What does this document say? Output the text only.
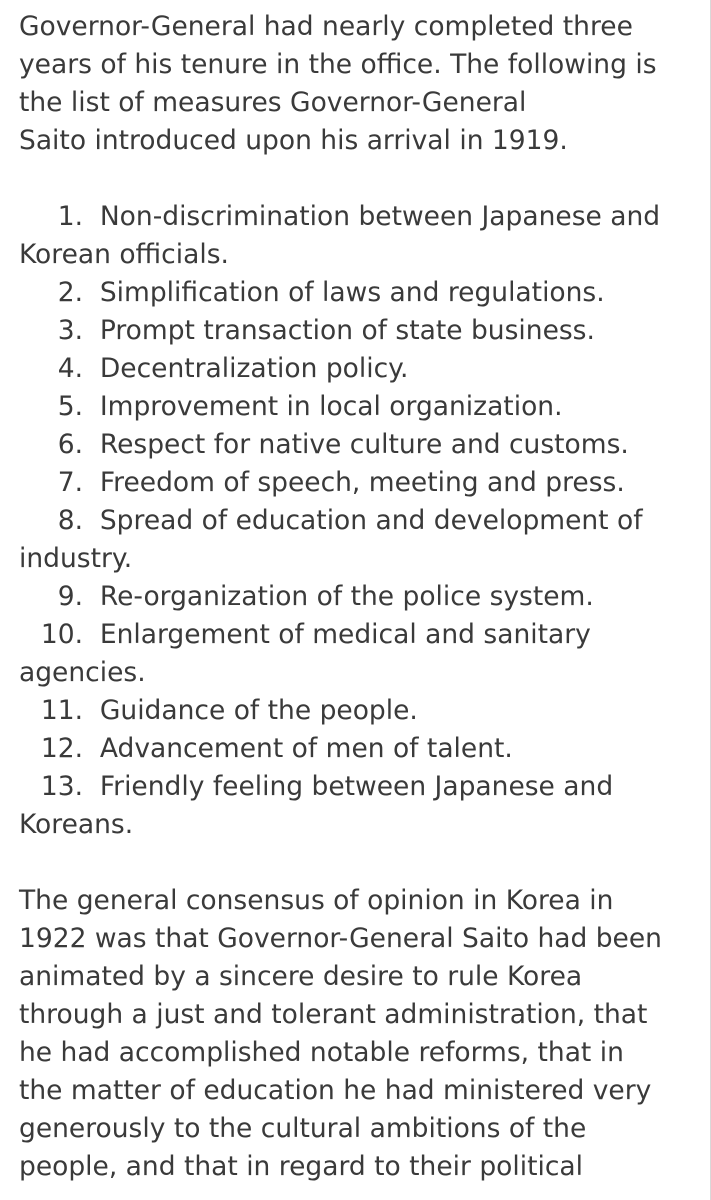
Governor-General had nearly completed three
years of his tenure in the office. The following is
the list of measures Governor-General
Saito introduced upon his arrival in 1919.

1. Non-discrimination between Japanese and
Korean officials.
2. Simplification of laws and regulations.
3. Prompt transaction of state business.
4. Decentralization policy.
5. Improvement in local organization.
6. Respect for native culture and customs.
7. Freedom of speech, meeting and press.
8. Spread of education and development of
industry.
9. Re-organization of the police system.
10. Enlargement of medical and sanitary
agencies.
11. Guidance of the people.
12. Advancement of men of talent.
13. Friendly feeling between Japanese and
Koreans.

The general consensus of opinion in Korea in
1922 was that Governor-General Saito had been
animated by a sincere desire to rule Korea
through a just and tolerant administration, that
he had accomplished notable reforms, that in
the matter of education he had ministered very
generously to the cultural ambitions of the
people, and that in regard to their political
